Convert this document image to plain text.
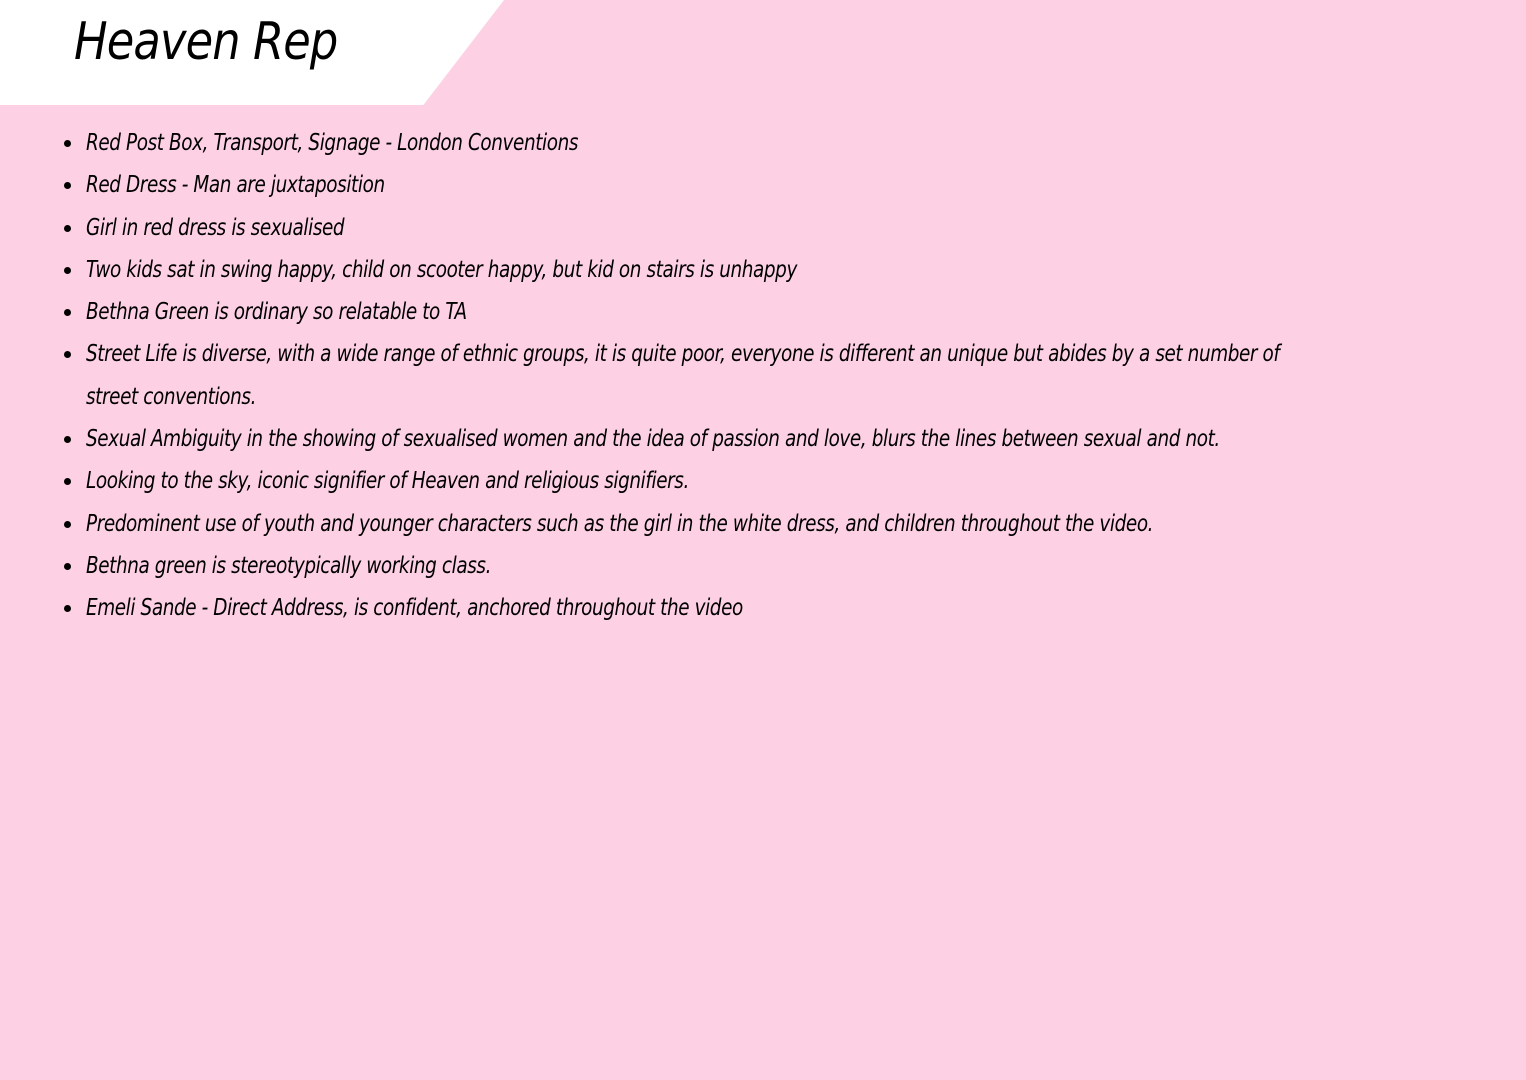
Heaven Rep
Red Post Box, Transport, Signage - London Conventions
Red Dress - Man are juxtaposition
Girl in red dress is sexualised
Two kids sat in swing happy, child on scooter happy, but kid on stairs is unhappy
Bethna Green is ordinary so relatable to TA
Street Life is diverse, with a wide range of ethnic groups, it is quite poor, everyone is different an unique but abides by a set number of street conventions.
Sexual Ambiguity in the showing of sexualised women and the idea of passion and love, blurs the lines between sexual and not.
Looking to the sky, iconic signifier of Heaven and religious signifiers.
Predominent use of youth and younger characters such as the girl in the white dress, and children throughout the video.
Bethna green is stereotypically working class.
Emeli Sande - Direct Address, is confident, anchored throughout the video
